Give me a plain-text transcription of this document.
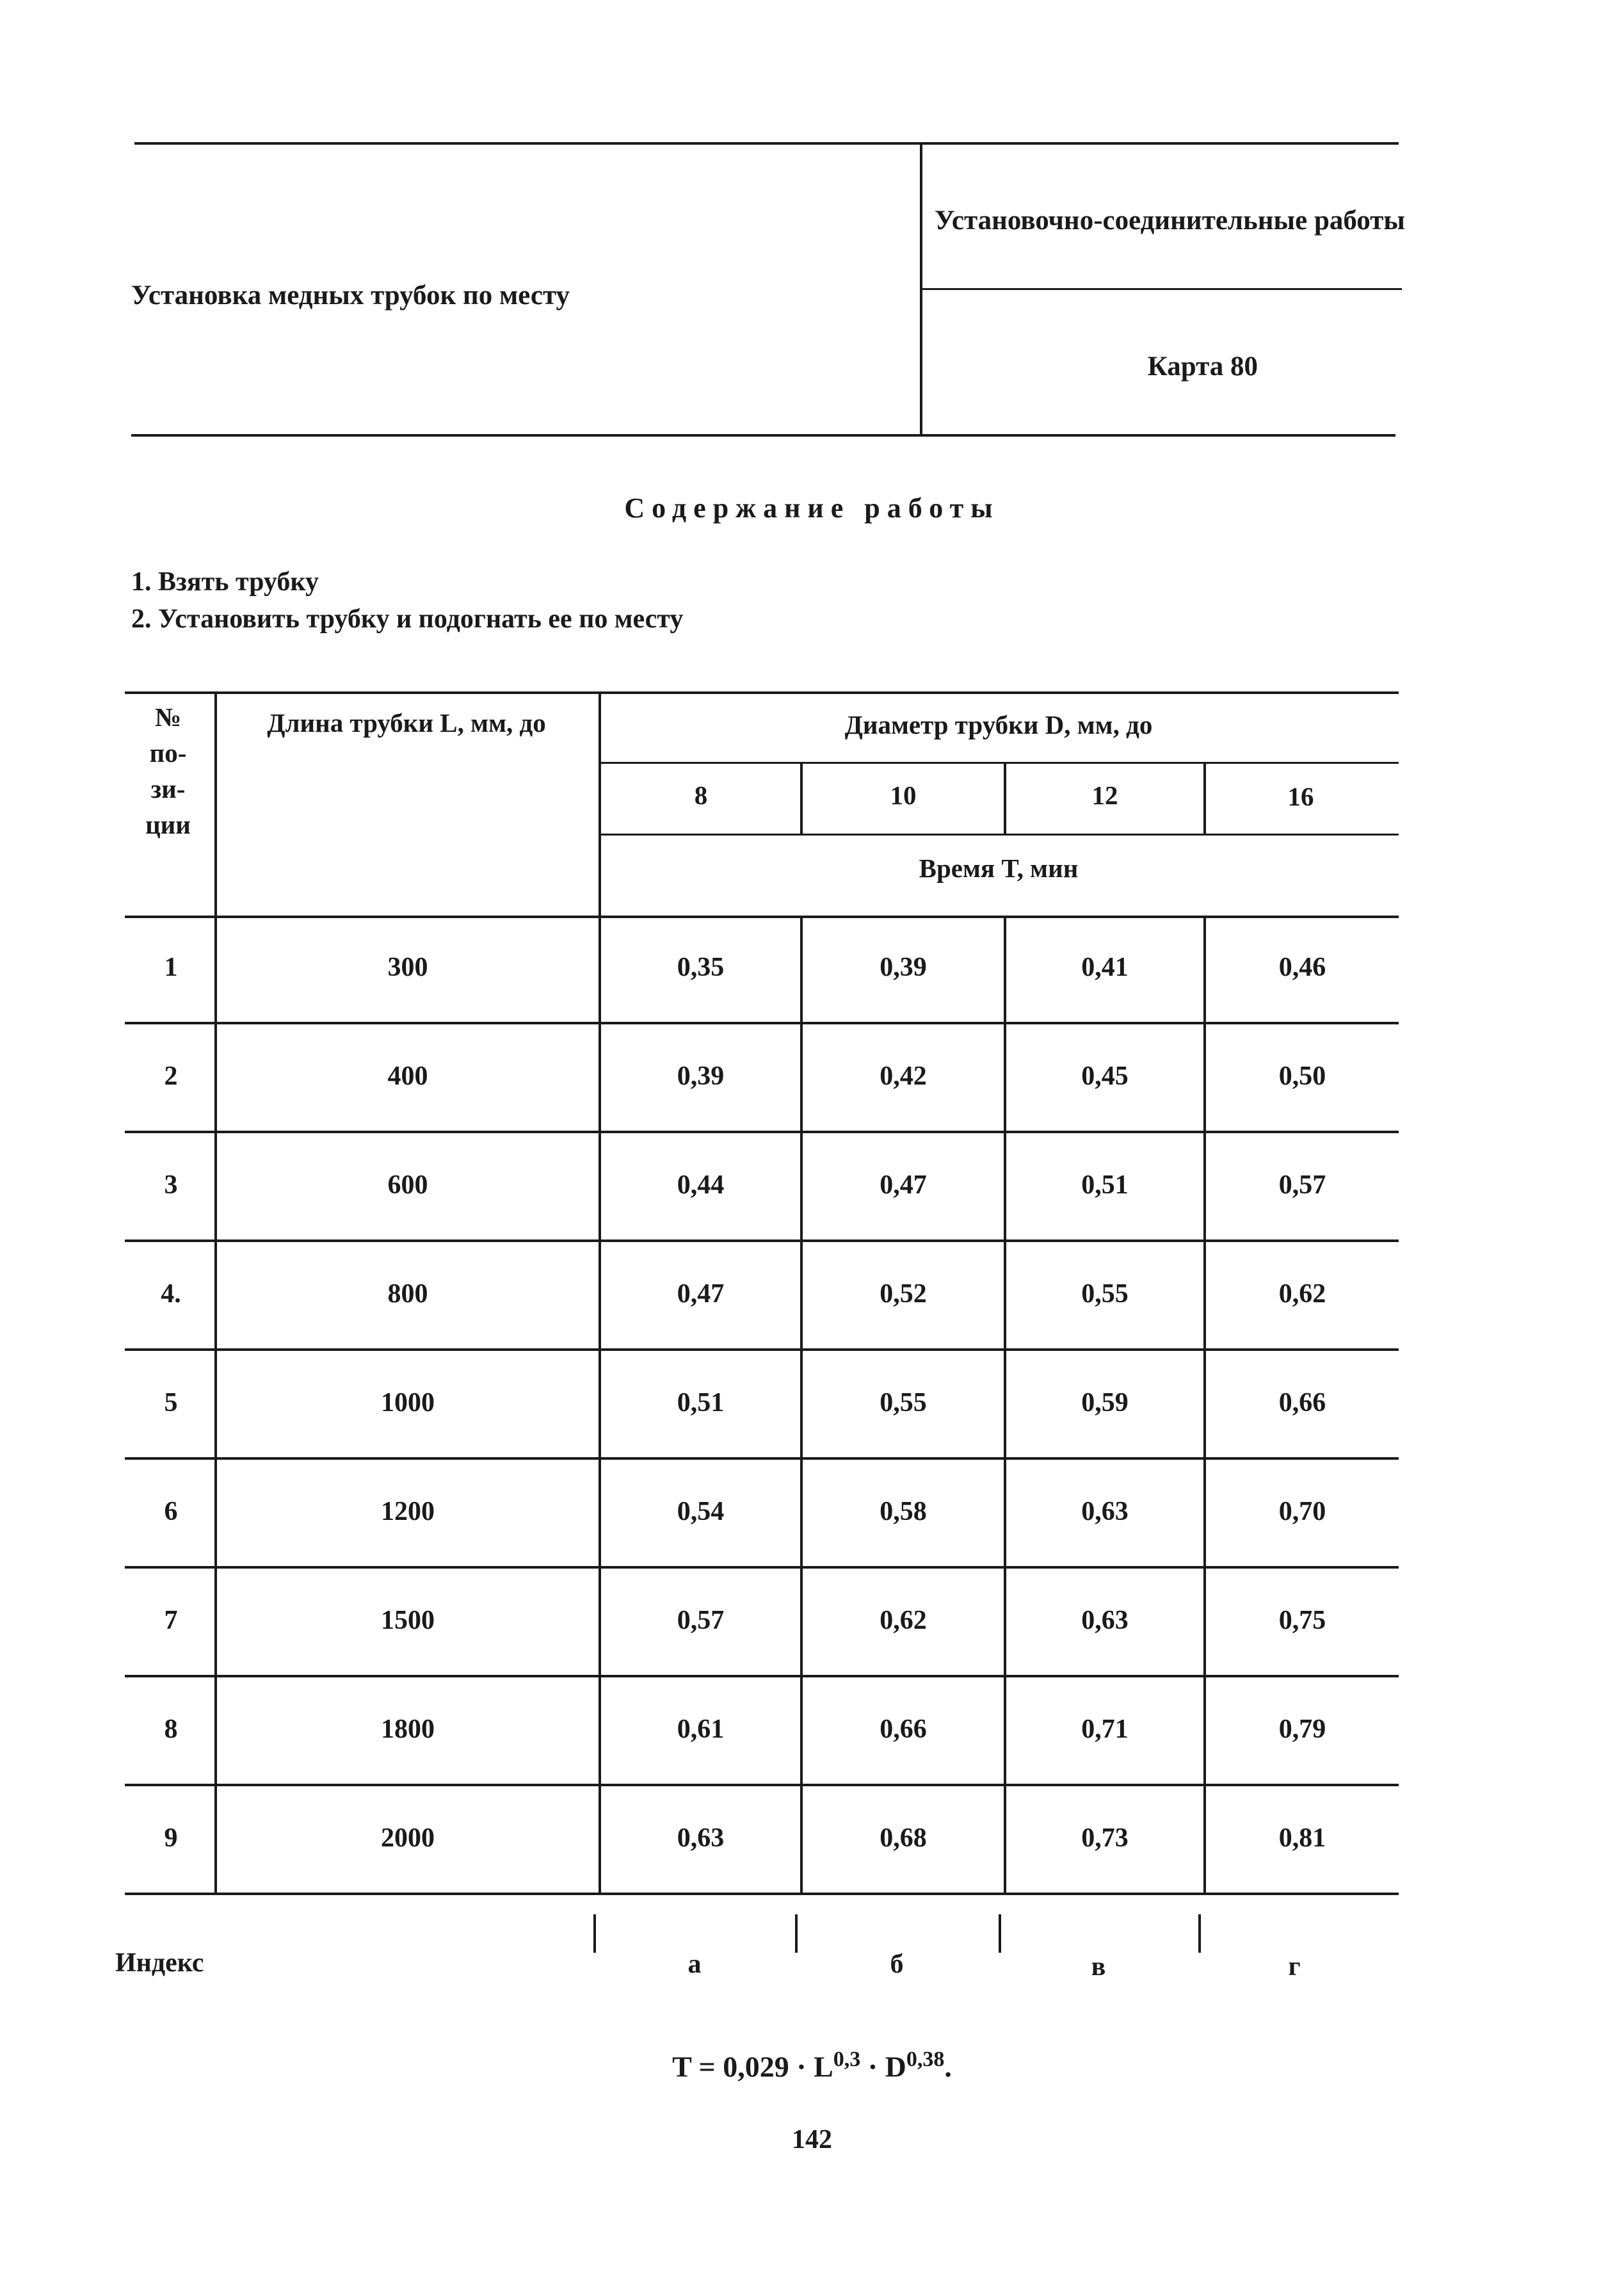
Установка медных трубок по месту
Установочно-соединительные работы
Карта 80
Содержание работы
1. Взять трубку
2. Установить трубку и подогнать ее по месту
№
по-
зи-
ции
Длина трубки L, мм, до	Диаметр трубки D, мм, до
8	10	12	16
Время T, мин
Индекс	а	б	в	г
1	300	0,35	0,39	0,41	0,46
2	400	0,39	0,42	0,45	0,50
3	600	0,44	0,47	0,51	0,57
4.	800	0,47	0,52	0,55	0,62
5	1000	0,51	0,55	0,59	0,66
6	1200	0,54	0,58	0,63	0,70
7	1500	0,57	0,62	0,63	0,75
8	1800	0,61	0,66	0,71	0,79
9	2000	0,63	0,68	0,73	0,81
T = 0,029 · L$^{0,3}$ · D$^{0,38}$.
142
